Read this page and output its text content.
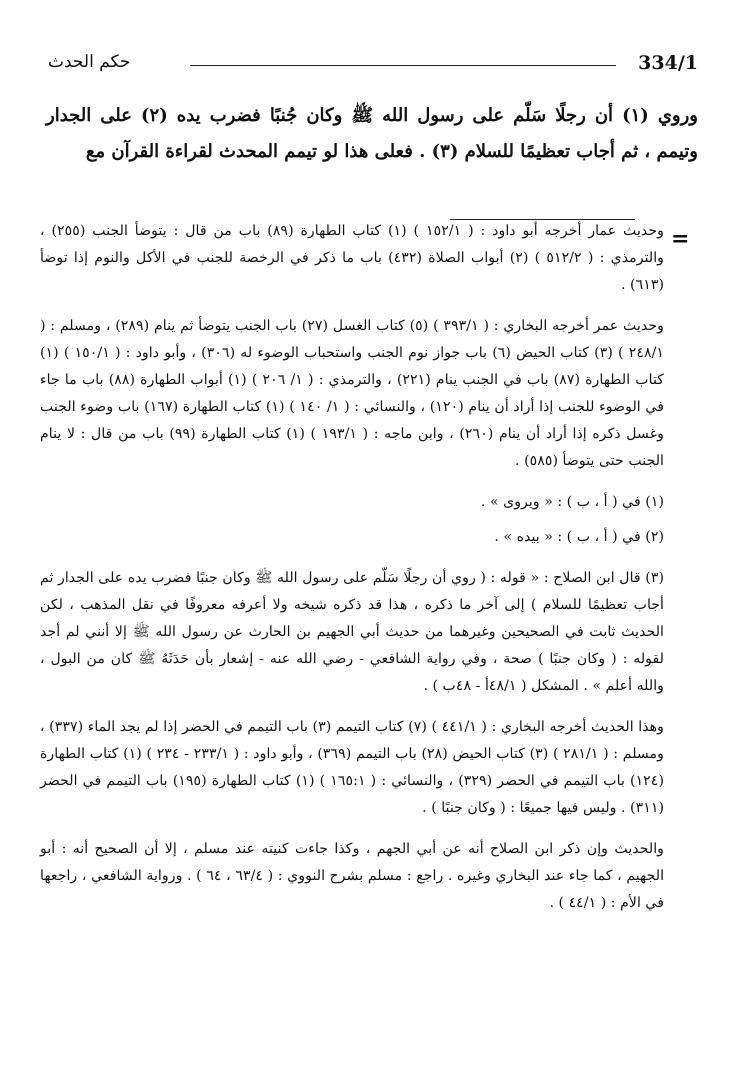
334/1
حكم الحدث
وروي (١) أن رجلًا سَلّم على رسول الله ﷺ وكان جُنبًا فضرب يده (٢) على الجدار وتيمم ، ثم أجاب تعظيمًا للسلام (٣) . فعلى هذا لو تيمم المحدث لقراءة القرآن مع
=

وحديث عمار أخرجه أبو داود : ( ١٥٢/١ ) (١) كتاب الطهارة (٨٩) باب من قال : يتوضأ الجنب (٢٥٥) ، والترمذي : ( ٥١٢/٢ ) (٢) أبواب الصلاة (٤٣٢) باب ما ذكر في الرخصة للجنب في الأكل والنوم إذا توضأ (٦١٣) .

وحديث عمر أخرجه البخاري : ( ٣٩٣/١ ) (٥) كتاب الغسل (٢٧) باب الجنب يتوضأ ثم ينام (٢٨٩) ، ومسلم : ( ٢٤٨/١ ) (٣) كتاب الحيض (٦) باب جواز نوم الجنب واستحباب الوضوء له (٣٠٦) ، وأبو داود : ( ١٥٠/١ ) (١) كتاب الطهارة (٨٧) باب في الجنب ينام (٢٢١) ، والترمذي : ( ١/ ٢٠٦ ) (١) أبواب الطهارة (٨٨) باب ما جاء في الوضوء للجنب إذا أراد أن ينام (١٢٠) ، والنسائي : ( ١/ ١٤٠ ) (١) كتاب الطهارة (١٦٧) باب وضوء الجنب وغسل ذكره إذا أراد أن ينام (٢٦٠) ، وابن ماجه : ( ١٩٣/١ ) (١) كتاب الطهارة (٩٩) باب من قال : لا ينام الجنب حتى يتوضأ (٥٨٥) .

(١) في ( أ ، ب ) : « ويروى » .

(٢) في ( أ ، ب ) : « بيده » .

(٣) قال ابن الصلاح : « قوله : ( روي أن رجلًا سَلّم على رسول الله ﷺ وكان جنبًا فضرب يده على الجدار ثم أجاب تعظيمًا للسلام ) إلى آخر ما ذكره ، هذا قد ذكره شيخه ولا أعرفه معروفًا في نقل المذهب ، لكن الحديث ثابت في الصحيحين وغيرهما من حديث أبي الجهيم بن الحارث عن رسول الله ﷺ إلا أنني لم أجد لقوله : ( وكان جنبًا ) صحة ، وفي رواية الشافعي - رضي الله عنه - إشعار بأن حَدَثَهُ ﷺ كان من البول ، والله أعلم » . المشكل ( ٤٨/١أ - ٤٨ب ) .

وهذا الحديث أخرجه البخاري : ( ٤٤١/١ ) (٧) كتاب التيمم (٣) باب التيمم في الحضر إذا لم يجد الماء (٣٣٧) ، ومسلم : ( ٢٨١/١ ) (٣) كتاب الحيض (٢٨) باب التيمم (٣٦٩) ، وأبو داود : ( ٢٣٣/١ - ٢٣٤ ) (١) كتاب الطهارة (١٢٤) باب التيمم في الحضر (٣٢٩) ، والنسائي : ( ١٦٥:١ ) (١) كتاب الطهارة (١٩٥) باب التيمم في الحضر (٣١١) . وليس فيها جميعًا : ( وكان جنبًا ) .

والحديث وإن ذكر ابن الصلاح أنه عن أبي الجهم ، وكذا جاءت كنيته عند مسلم ، إلا أن الصحيح أنه : أبو الجهيم ، كما جاء عند البخاري وغيره . راجع : مسلم بشرح النووي : ( ٦٣/٤ ، ٦٤ ) . ورواية الشافعي ، راجعها في الأم : ( ٤٤/١ ) .
